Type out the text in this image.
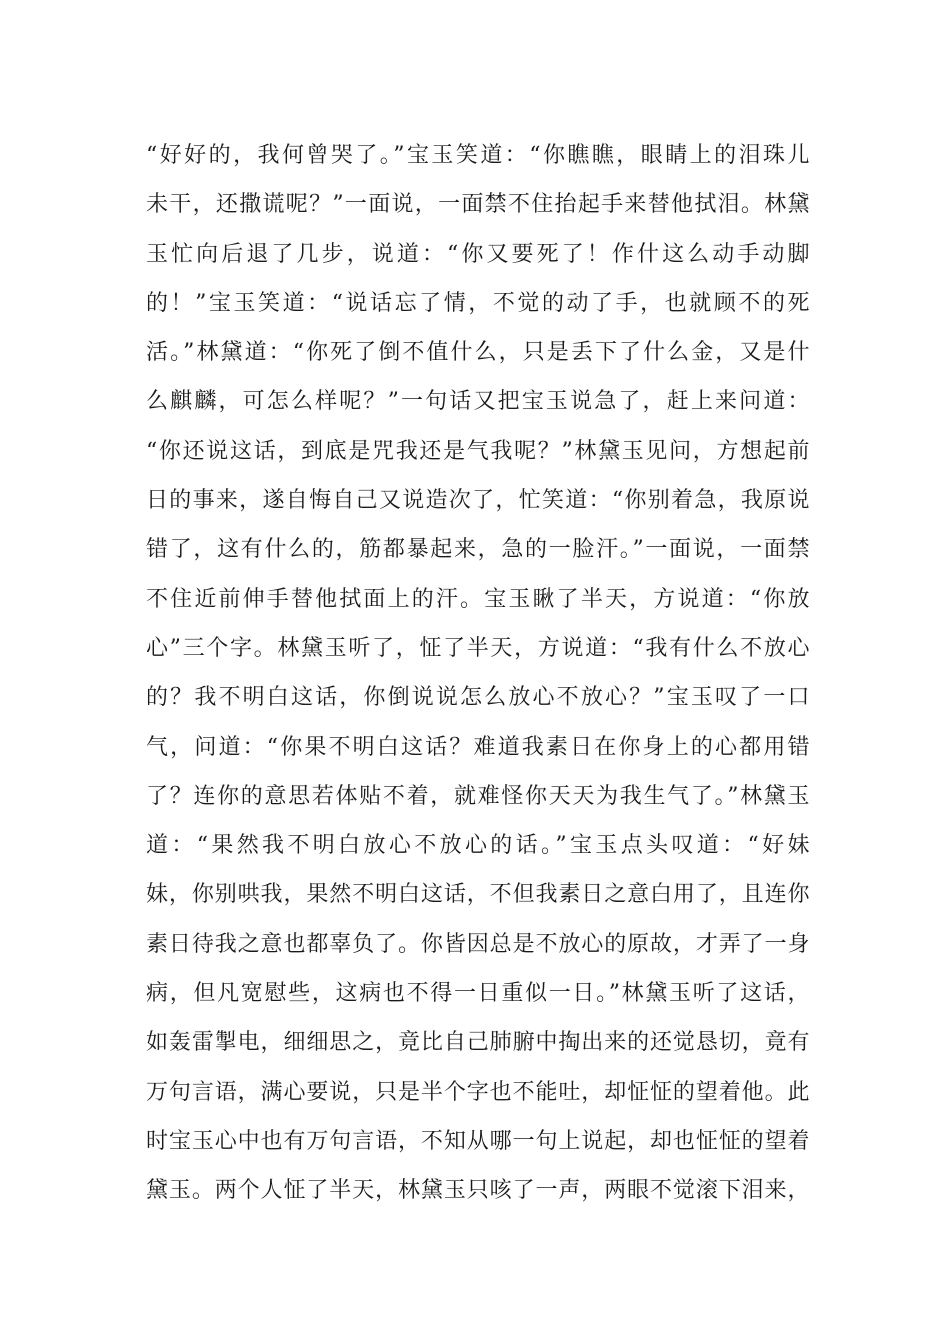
“好好的，我何曾哭了。”宝玉笑道：“你瞧瞧，眼睛上的泪珠儿
未干，还撒谎呢？”一面说，一面禁不住抬起手来替他拭泪。林黛
玉忙向后退了几步，说道：“你又要死了！作什这么动手动脚
的！”宝玉笑道：“说话忘了情，不觉的动了手，也就顾不的死
活。”林黛道：“你死了倒不值什么，只是丢下了什么金，又是什
么麒麟，可怎么样呢？”一句话又把宝玉说急了，赶上来问道：
“你还说这话，到底是咒我还是气我呢？”林黛玉见问，方想起前
日的事来，遂自悔自己又说造次了，忙笑道：“你别着急，我原说
错了，这有什么的，筋都暴起来，急的一脸汗。”一面说，一面禁
不住近前伸手替他拭面上的汗。宝玉瞅了半天，方说道：“你放
心”三个字。林黛玉听了，怔了半天，方说道：“我有什么不放心
的？我不明白这话，你倒说说怎么放心不放心？”宝玉叹了一口
气，问道：“你果不明白这话？难道我素日在你身上的心都用错
了？连你的意思若体贴不着，就难怪你天天为我生气了。”林黛玉
道：“果然我不明白放心不放心的话。”宝玉点头叹道：“好妹
妹，你别哄我，果然不明白这话，不但我素日之意白用了，且连你
素日待我之意也都辜负了。你皆因总是不放心的原故，才弄了一身
病，但凡宽慰些，这病也不得一日重似一日。”林黛玉听了这话，
如轰雷掣电，细细思之，竟比自己肺腑中掏出来的还觉恳切，竟有
万句言语，满心要说，只是半个字也不能吐，却怔怔的望着他。此
时宝玉心中也有万句言语，不知从哪一句上说起，却也怔怔的望着
黛玉。两个人怔了半天，林黛玉只咳了一声，两眼不觉滚下泪来，
